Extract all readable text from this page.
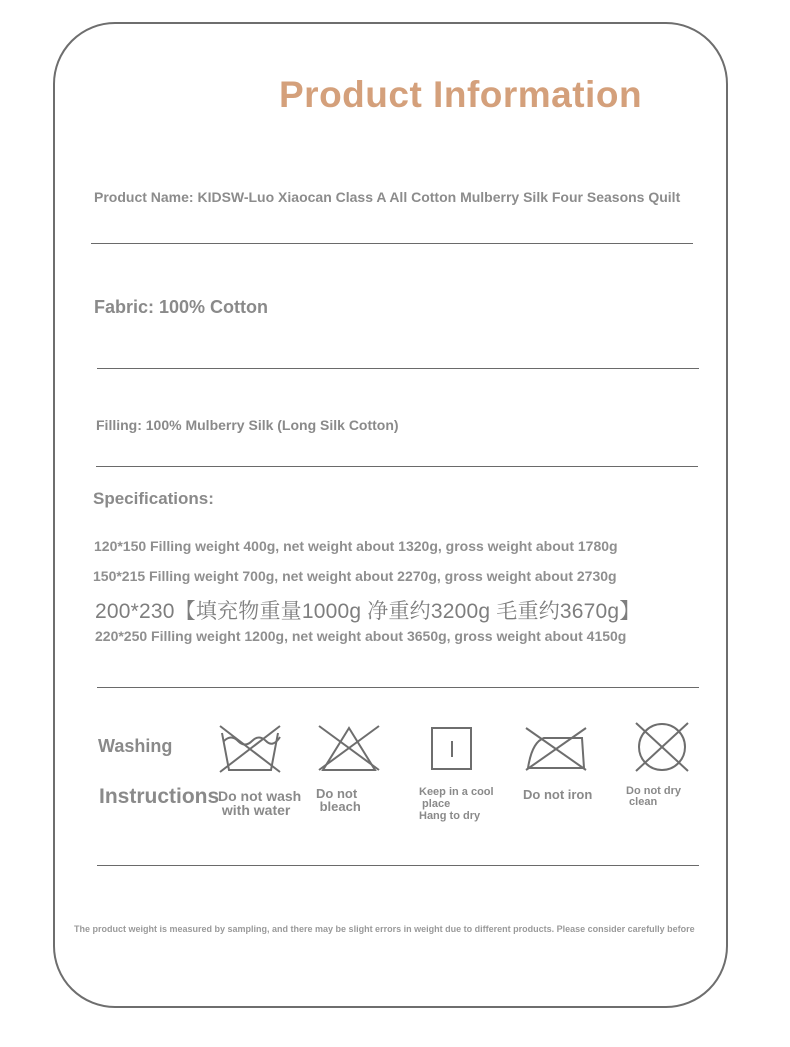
Product Information
Product Name: KIDSW-Luo Xiaocan Class A All Cotton Mulberry Silk Four Seasons Quilt
Fabric: 100% Cotton
Filling: 100% Mulberry Silk (Long Silk Cotton)
Specifications:
120*150 Filling weight 400g, net weight about 1320g, gross weight about 1780g
150*215 Filling weight 700g, net weight about 2270g, gross weight about 2730g
200*230【填充物重量1000g 净重约3200g 毛重约3670g】
220*250 Filling weight 1200g, net weight about 3650g, gross weight about 4150g
Washing
Instructions
Do not wash
with water
Do not
bleach
Keep in a cool
place
Hang to dry
Do not iron	Do not dry
clean
The product weight is measured by sampling, and there may be slight errors in weight due to different products. Please consider carefully before
